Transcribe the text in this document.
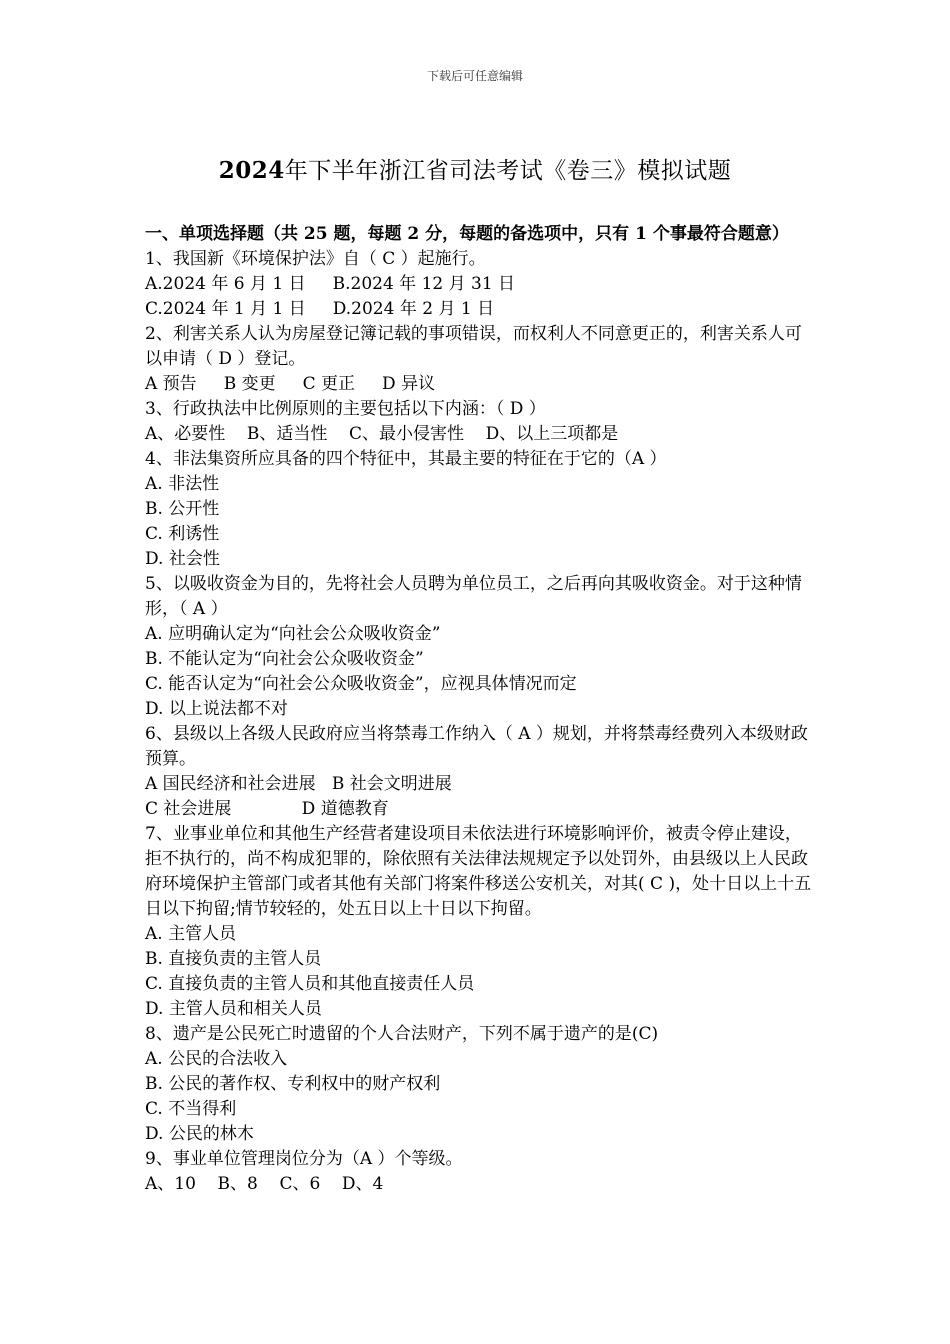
下载后可任意编辑
2024年下半年浙江省司法考试《卷三》模拟试题

一、单项选择题（共 25 题，每题 2 分，每题的备选项中，只有 1 个事最符合题意）

1、我国新《环境保护法》自（ C ）起施行。

A.2024 年 6 月 1 日     B.2024 年 12 月 31 日

C.2024 年 1 月 1 日     D.2024 年 2 月 1 日

2、利害关系人认为房屋登记簿记载的事项错误，而权利人不同意更正的，利害关系人可以申请（ D ）登记。

A 预告     B 变更     C 更正     D 异议

3、行政执法中比例原则的主要包括以下内涵：（ D ）

A、必要性    B、适当性    C、最小侵害性    D、以上三项都是

4、非法集资所应具备的四个特征中，其最主要的特征在于它的（A ）

A. 非法性

B. 公开性

C. 利诱性

D. 社会性

5、以吸收资金为目的，先将社会人员聘为单位员工，之后再向其吸收资金。对于这种情形，（ A ）

A. 应明确认定为“向社会公众吸收资金”

B. 不能认定为“向社会公众吸收资金”

C. 能否认定为“向社会公众吸收资金”，应视具体情况而定

D. 以上说法都不对

6、县级以上各级人民政府应当将禁毒工作纳入（ A ）规划，并将禁毒经费列入本级财政预算。

A 国民经济和社会进展   B 社会文明进展

C 社会进展             D 道德教育

7、业事业单位和其他生产经营者建设项目未依法进行环境影响评价，被责令停止建设，拒不执行的，尚不构成犯罪的，除依照有关法律法规规定予以处罚外，由县级以上人民政府环境保护主管部门或者其他有关部门将案件移送公安机关，对其( C )，处十日以上十五日以下拘留;情节较轻的，处五日以上十日以下拘留。

A. 主管人员

B. 直接负责的主管人员

C. 直接负责的主管人员和其他直接责任人员

D. 主管人员和相关人员

8、遗产是公民死亡时遗留的个人合法财产，下列不属于遗产的是(C)

A. 公民的合法收入

B. 公民的著作权、专利权中的财产权利

C. 不当得利

D. 公民的林木

9、事业单位管理岗位分为（A ）个等级。

A、10    B、8    C、6    D、4
